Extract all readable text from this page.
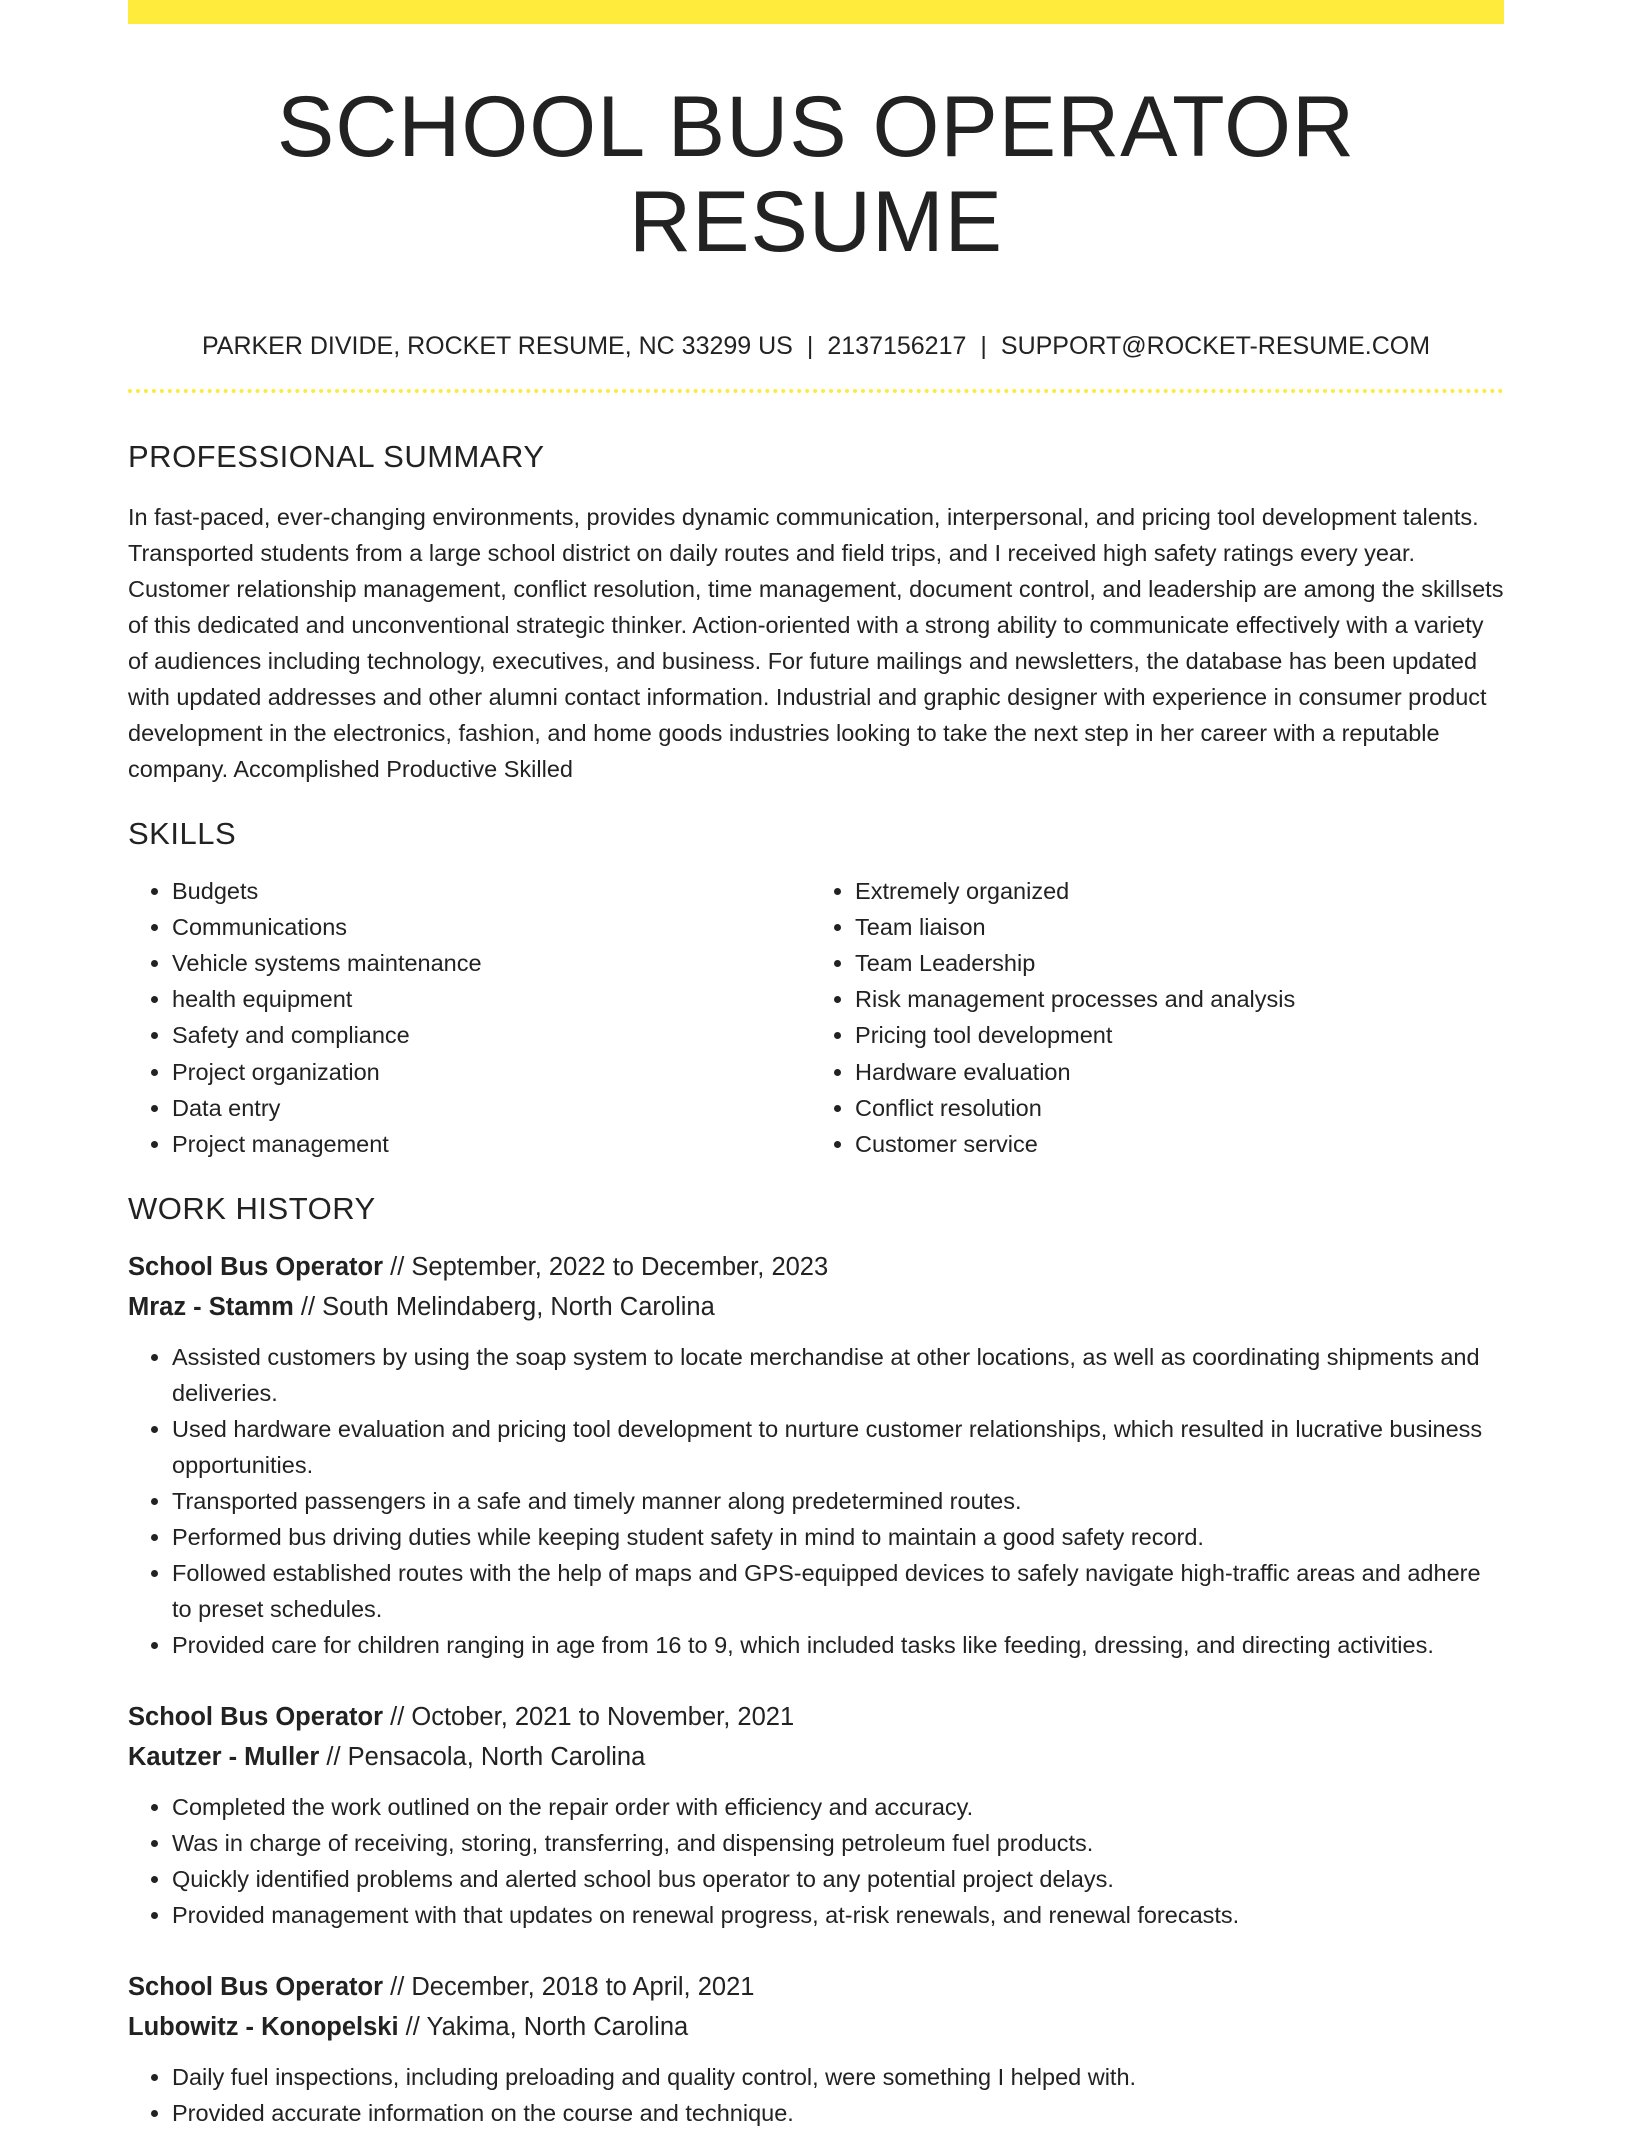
SCHOOL BUS OPERATOR RESUME
PARKER DIVIDE, ROCKET RESUME, NC 33299 US | 2137156217 | SUPPORT@ROCKET-RESUME.COM
PROFESSIONAL SUMMARY
In fast-paced, ever-changing environments, provides dynamic communication, interpersonal, and pricing tool development talents. Transported students from a large school district on daily routes and field trips, and I received high safety ratings every year. Customer relationship management, conflict resolution, time management, document control, and leadership are among the skillsets of this dedicated and unconventional strategic thinker. Action-oriented with a strong ability to communicate effectively with a variety of audiences including technology, executives, and business. For future mailings and newsletters, the database has been updated with updated addresses and other alumni contact information. Industrial and graphic designer with experience in consumer product development in the electronics, fashion, and home goods industries looking to take the next step in her career with a reputable company. Accomplished Productive Skilled
SKILLS
• Budgets
• Communications
• Vehicle systems maintenance
• health equipment
• Safety and compliance
• Project organization
• Data entry
• Project management
• Extremely organized
• Team liaison
• Team Leadership
• Risk management processes and analysis
• Pricing tool development
• Hardware evaluation
• Conflict resolution
• Customer service
WORK HISTORY
School Bus Operator // September, 2022 to December, 2023
Mraz - Stamm // South Melindaberg, North Carolina
• Assisted customers by using the soap system to locate merchandise at other locations, as well as coordinating shipments and deliveries.
• Used hardware evaluation and pricing tool development to nurture customer relationships, which resulted in lucrative business opportunities.
• Transported passengers in a safe and timely manner along predetermined routes.
• Performed bus driving duties while keeping student safety in mind to maintain a good safety record.
• Followed established routes with the help of maps and GPS-equipped devices to safely navigate high-traffic areas and adhere to preset schedules.
• Provided care for children ranging in age from 16 to 9, which included tasks like feeding, dressing, and directing activities.
School Bus Operator // October, 2021 to November, 2021
Kautzer - Muller // Pensacola, North Carolina
• Completed the work outlined on the repair order with efficiency and accuracy.
• Was in charge of receiving, storing, transferring, and dispensing petroleum fuel products.
• Quickly identified problems and alerted school bus operator to any potential project delays.
• Provided management with that updates on renewal progress, at-risk renewals, and renewal forecasts.
School Bus Operator // December, 2018 to April, 2021
Lubowitz - Konopelski // Yakima, North Carolina
• Daily fuel inspections, including preloading and quality control, were something I helped with.
• Provided accurate information on the course and technique.
